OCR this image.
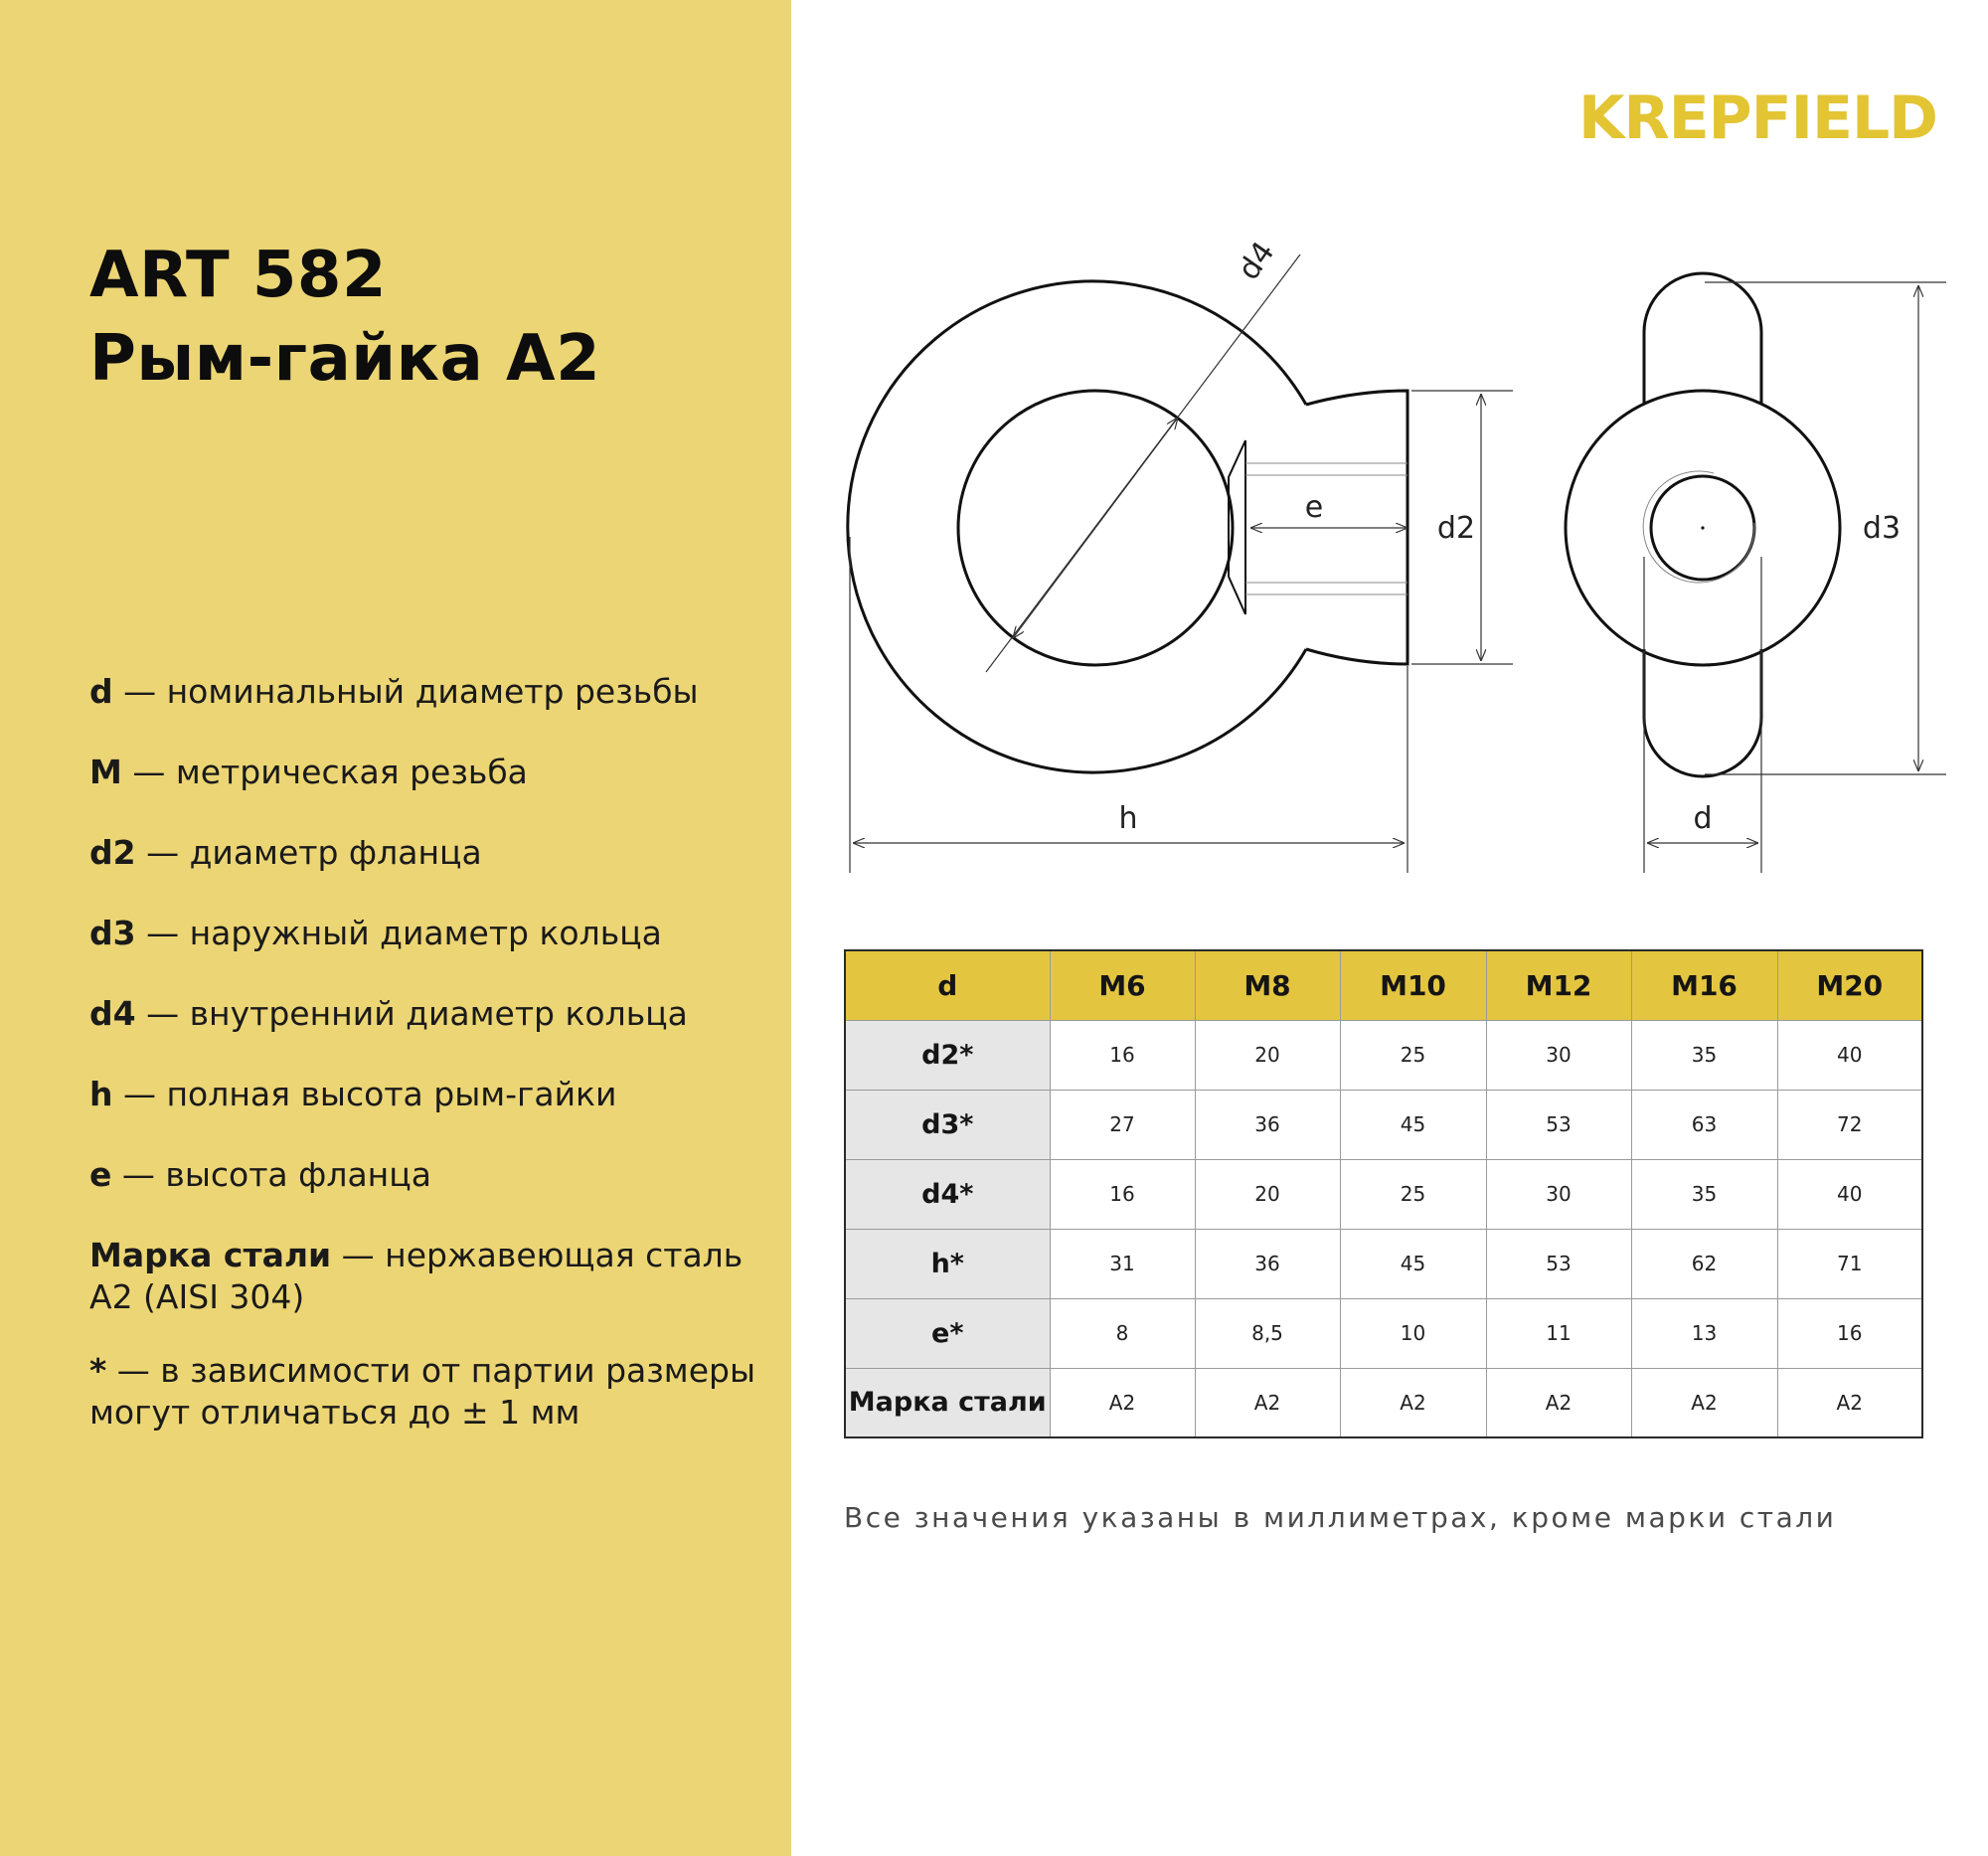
ART 582
Рым-гайка A2
d — номинальный диаметр резьбы
M — метрическая резьба
d2 — диаметр фланца
d3 — наружный диаметр кольца
d4 — внутренний диаметр кольца
h — полная высота рым-гайки
e — высота фланца
Марка стали — нержавеющая сталь A2 (AISI 304)
* — в зависимости от партии размеры могут отличаться до ± 1 мм
KREPFIELD
d4
e
d2
h
d3
d
d	M6	M8	M10	M12	M16	M20
d2*	16	20	25	30	35	40
d3*	27	36	45	53	63	72
d4*	16	20	25	30	35	40
h*	31	36	45	53	62	71
e*	8	8,5	10	11	13	16
Марка стали	A2	A2	A2	A2	A2	A2
Все значения указаны в миллиметрах, кроме марки стали
